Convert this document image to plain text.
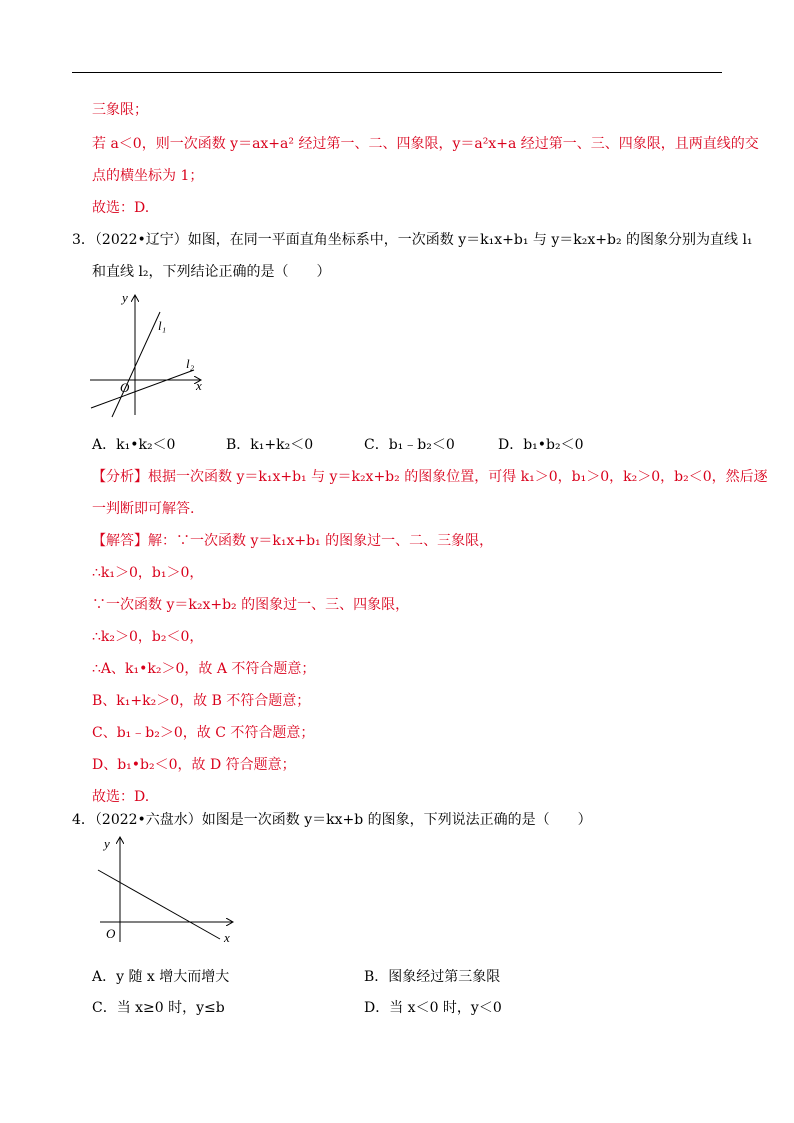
三象限；
若 a＜0，则一次函数 y＝ax+a² 经过第一、二、四象限，y＝a²x+a 经过第一、三、四象限，且两直线的交
点的横坐标为 1；
故选：D.
3．（2022•辽宁）如图，在同一平面直角坐标系中，一次函数 y＝k₁x+b₁ 与 y＝k₂x+b₂ 的图象分别为直线 l₁
和直线 l₂，下列结论正确的是（　　）
y
x
O
l₁
l₂
A．k₁•k₂＜0	B．k₁+k₂＜0	C．b₁﹣b₂＜0	D．b₁•b₂＜0
【分析】根据一次函数 y＝k₁x+b₁ 与 y＝k₂x+b₂ 的图象位置，可得 k₁＞0，b₁＞0，k₂＞0，b₂＜0，然后逐
一判断即可解答.
【解答】解：∵一次函数 y＝k₁x+b₁ 的图象过一、二、三象限，
∴k₁＞0，b₁＞0，
∵一次函数 y＝k₂x+b₂ 的图象过一、三、四象限，
∴k₂＞0，b₂＜0，
∴A、k₁•k₂＞0，故 A 不符合题意；
B、k₁+k₂＞0，故 B 不符合题意；
C、b₁﹣b₂＞0，故 C 不符合题意；
D、b₁•b₂＜0，故 D 符合题意；
故选：D.
4．（2022•六盘水）如图是一次函数 y＝kx+b 的图象，下列说法正确的是（　　）
y
x
O
A．y 随 x 增大而增大	B．图象经过第三象限
C．当 x≥0 时，y≤b	D．当 x＜0 时，y＜0
